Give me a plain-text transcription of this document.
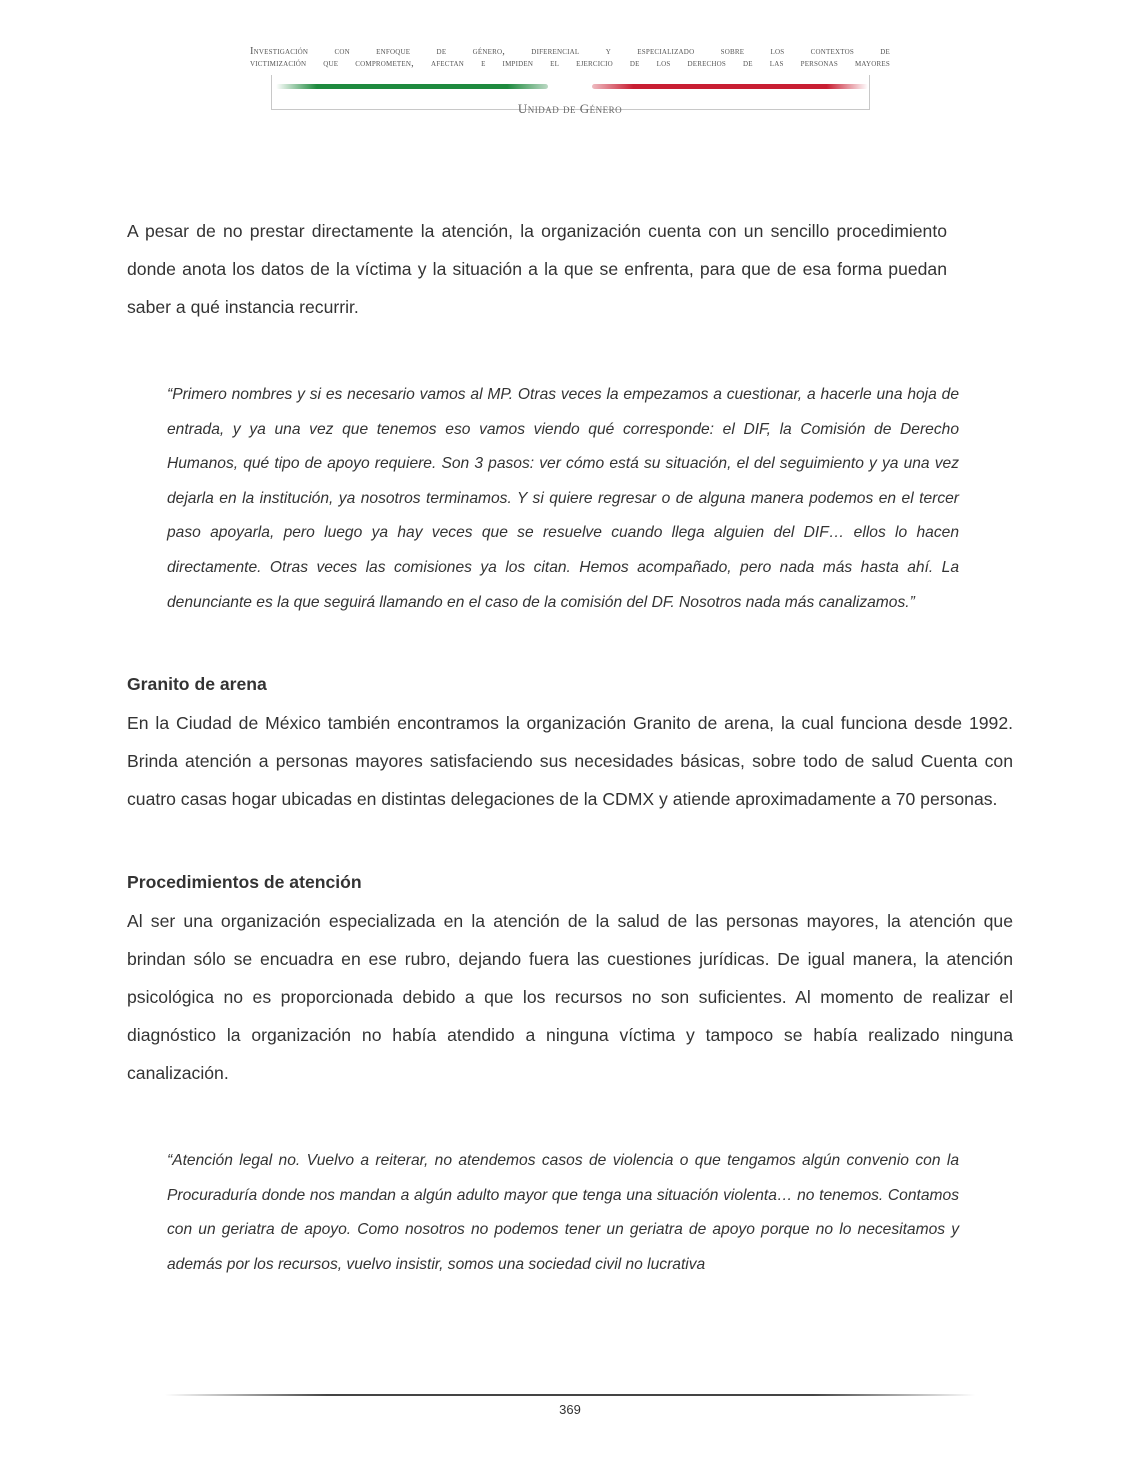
Investigación con enfoque de género, diferencial y especializado sobre los contextos de
victimización que comprometen, afectan e impiden el ejercicio de los derechos de las personas mayores
Unidad de Género

A pesar de no prestar directamente la atención, la organización cuenta con un sencillo procedimiento donde anota los datos de la víctima y la situación a la que se enfrenta, para que de esa forma puedan saber a qué instancia recurrir.

“Primero nombres y si es necesario vamos al MP. Otras veces la empezamos a cuestionar, a hacerle una hoja de entrada, y ya una vez que tenemos eso vamos viendo qué corresponde: el DIF, la Comisión de Derecho Humanos, qué tipo de apoyo requiere. Son 3 pasos: ver cómo está su situación, el del seguimiento y ya una vez dejarla en la institución, ya nosotros terminamos. Y si quiere regresar o de alguna manera podemos en el tercer paso apoyarla, pero luego ya hay veces que se resuelve cuando llega alguien del DIF… ellos lo hacen directamente. Otras veces las comisiones ya los citan. Hemos acompañado, pero nada más hasta ahí. La denunciante es la que seguirá llamando en el caso de la comisión del DF. Nosotros nada más canalizamos.”
Granito de arena

En la Ciudad de México también encontramos la organización Granito de arena, la cual funciona desde 1992. Brinda atención a personas mayores satisfaciendo sus necesidades básicas, sobre todo de salud Cuenta con cuatro casas hogar ubicadas en distintas delegaciones de la CDMX y atiende aproximadamente a 70 personas.

Procedimientos de atención

Al ser una organización especializada en la atención de la salud de las personas mayores, la atención que brindan sólo se encuadra en ese rubro, dejando fuera las cuestiones jurídicas. De igual manera, la atención psicológica no es proporcionada debido a que los recursos no son suficientes. Al momento de realizar el diagnóstico la organización no había atendido a ninguna víctima y tampoco se había realizado ninguna canalización.

“Atención legal no. Vuelvo a reiterar, no atendemos casos de violencia o que tengamos algún convenio con la Procuraduría donde nos mandan a algún adulto mayor que tenga una situación violenta… no tenemos. Contamos con un geriatra de apoyo. Como nosotros no podemos tener un geriatra de apoyo porque no lo necesitamos y además por los recursos, vuelvo insistir, somos una sociedad civil no lucrativa
369
